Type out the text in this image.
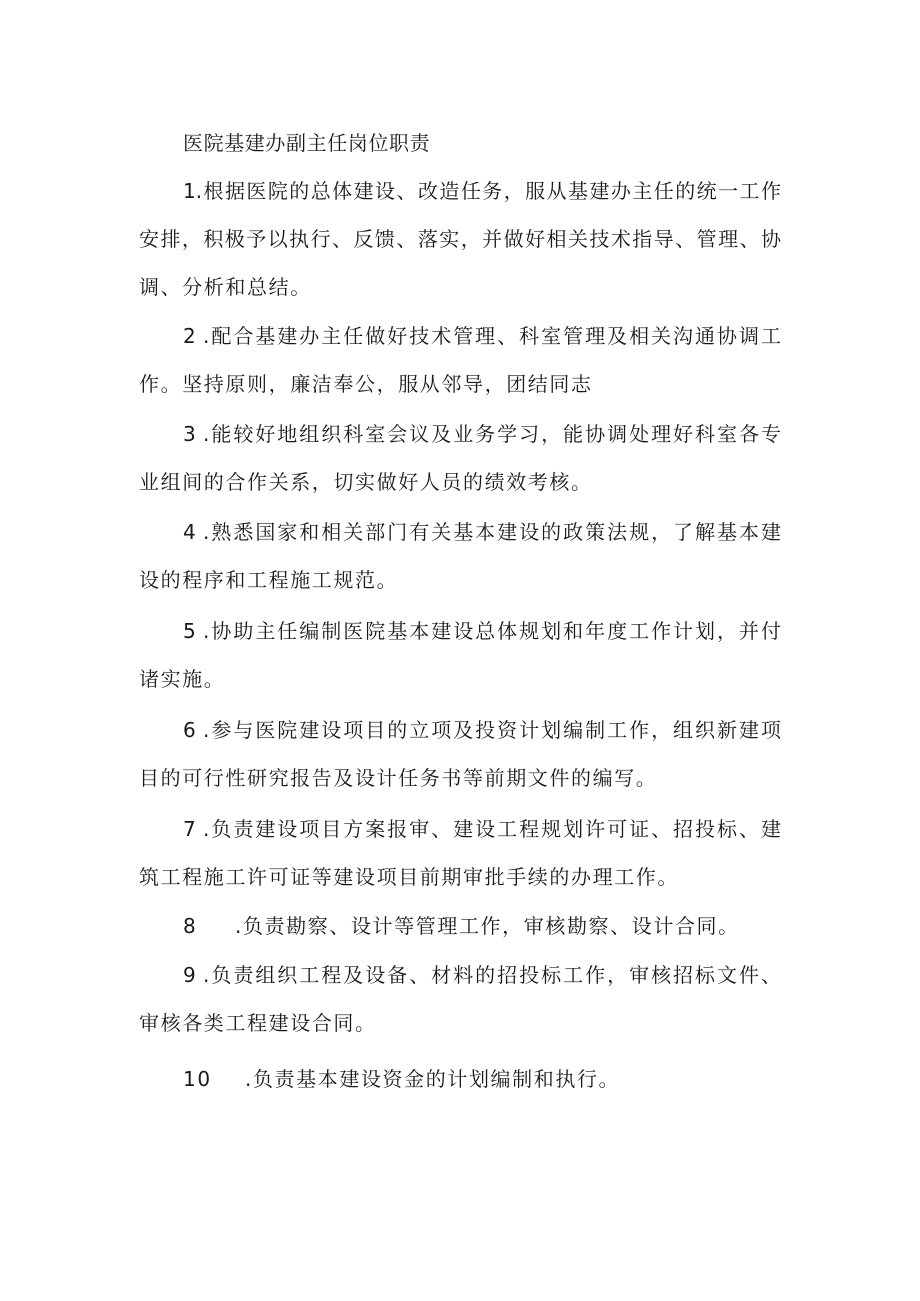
医院基建办副主任岗位职责
1.根据医院的总体建设、改造任务，服从基建办主任的统一工作
安排，积极予以执行、反馈、落实，并做好相关技术指导、管理、协
调、分析和总结。
2 .配合基建办主任做好技术管理、科室管理及相关沟通协调工
作。坚持原则，廉洁奉公，服从邻导，团结同志
3 .能较好地组织科室会议及业务学习，能协调处理好科室各专
业组间的合作关系，切实做好人员的绩效考核。
4 .熟悉国家和相关部门有关基本建设的政策法规，了解基本建
设的程序和工程施工规范。
5 .协助主任编制医院基本建设总体规划和年度工作计划，并付
诸实施。
6 .参与医院建设项目的立项及投资计划编制工作，组织新建项
目的可行性研究报告及设计任务书等前期文件的编写。
7 .负责建设项目方案报审、建设工程规划许可证、招投标、建
筑工程施工许可证等建设项目前期审批手续的办理工作。
8 .负责勘察、设计等管理工作，审核勘察、设计合同。
9 .负责组织工程及设备、材料的招投标工作，审核招标文件、
审核各类工程建设合同。
10 .负责基本建设资金的计划编制和执行。
